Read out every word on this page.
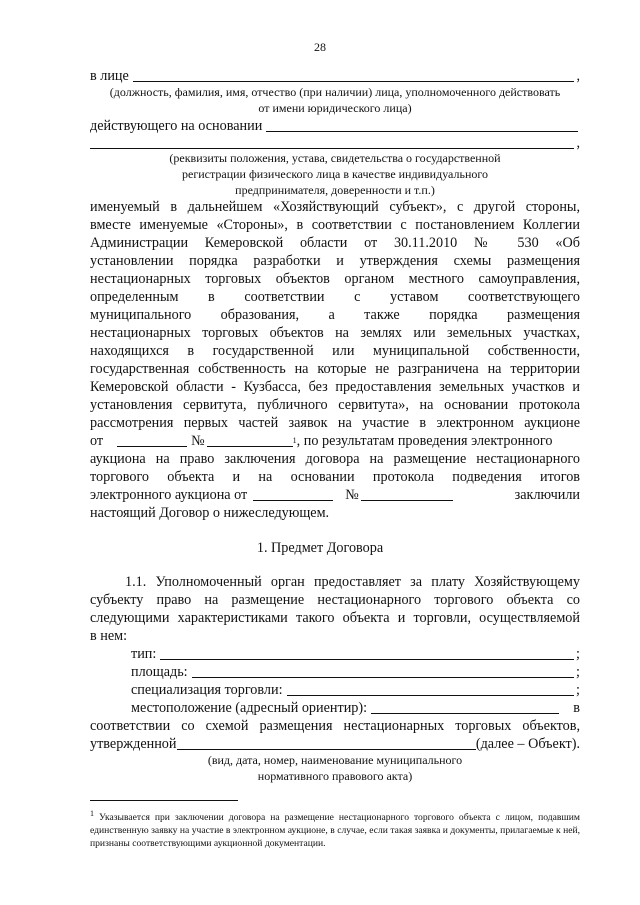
28
в лице	,
(должность, фамилия, имя, отчество (при наличии) лица, уполномоченного действовать
от имени юридического лица)
действующего на основании
,
(реквизиты положения, устава, свидетельства о государственной
регистрации физического лица в качестве индивидуального
предпринимателя, доверенности и т.п.)
именуемый в дальнейшем «Хозяйствующий субъект», с другой стороны,
вместе именуемые «Стороны», в соответствии с постановлением Коллегии
Администрации Кемеровской области от 30.11.2010 № 530 «Об
установлении порядка разработки и утверждения схемы размещения
нестационарных торговых объектов органом местного самоуправления,
определенным в соответствии с уставом соответствующего
муниципального образования, а также порядка размещения
нестационарных торговых объектов на землях или земельных участках,
находящихся в государственной или муниципальной собственности,
государственная собственность на которые не разграничена на территории
Кемеровской области - Кузбасса, без предоставления земельных участков и
установления сервитута, публичного сервитута», на основании протокола
рассмотрения первых частей заявок на участие в электронном аукционе
от	№	1 , по результатам проведения электронного
аукциона на право заключения договора на размещение нестационарного
торгового объекта и на основании протокола подведения итогов
электронного аукциона от	№	заключили
настоящий Договор о нижеследующем.
1. Предмет Договора
1.1. Уполномоченный орган предоставляет за плату Хозяйствующему
субъекту право на размещение нестационарного торгового объекта со
следующими характеристиками такого объекта и торговли, осуществляемой
в нем:
тип:	;
площадь:	;
специализация торговли:	;
местоположение (адресный ориентир):	в
соответствии со схемой размещения нестационарных торговых объектов,
утвержденной	(далее – Объект).
(вид, дата, номер, наименование муниципального
нормативного правового акта)
$^1$ Указывается при заключении договора на размещение нестационарного торгового объекта с лицом, подавшим единственную заявку на участие в электронном аукционе, в случае, если такая заявка и документы, прилагаемые к ней, признаны соответствующими аукционной документации.
